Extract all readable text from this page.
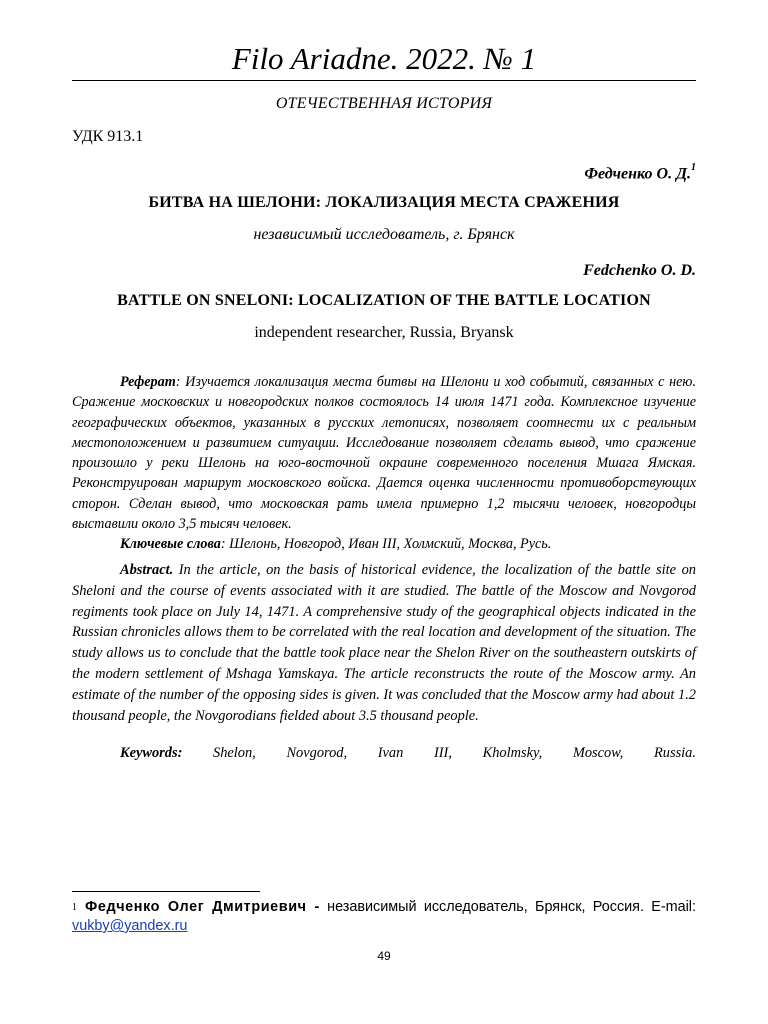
Filo Ariadne. 2022. № 1
ОТЕЧЕСТВЕННАЯ ИСТОРИЯ
УДК 913.1
Федченко О. Д.$^1$
БИТВА НА ШЕЛОНИ: ЛОКАЛИЗАЦИЯ МЕСТА СРАЖЕНИЯ
независимый исследователь, г. Брянск
Fedchenko O. D.
BATTLE ON SNELONI: LOCALIZATION OF THE BATTLE LOCATION
independent researcher, Russia, Bryansk

Реферат: Изучается локализация места битвы на Шелони и ход событий, связанных с нею. Сражение московских и новгородских полков состоялось 14 июля 1471 года. Комплексное изучение географических объектов, указанных в русских летописях, позволяет соотнести их с реальным местоположением и развитием ситуации. Исследование позволяет сделать вывод, что сражение произошло у реки Шелонь на юго-восточной окраине современного поселения Мшага Ямская. Реконструирован маршрут московского войска. Дается оценка численности противоборствующих сторон. Сделан вывод, что московская рать имела примерно 1,2 тысячи человек, новгородцы выставили около 3,5 тысяч человек.

Ключевые слова: Шелонь, Новгород, Иван III, Холмский, Москва, Русь.

Abstract. In the article, on the basis of historical evidence, the localization of the battle site on Sheloni and the course of events associated with it are studied. The battle of the Moscow and Novgorod regiments took place on July 14, 1471. A comprehensive study of the geographical objects indicated in the Russian chronicles allows them to be correlated with the real location and development of the situation. The study allows us to conclude that the battle took place near the Shelon River on the southeastern outskirts of the modern settlement of Mshaga Yamskaya. The article reconstructs the route of the Moscow army. An estimate of the number of the opposing sides is given. It was concluded that the Moscow army had about 1.2 thousand people, the Novgorodians fielded about 3.5 thousand people.

Keywords: Shelon, Novgorod, Ivan III, Kholmsky, Moscow, Russia.

$^1$ Федченко Олег Дмитриевич - независимый исследователь, Брянск, Россия. E-mail: vukby@yandex.ru

49
